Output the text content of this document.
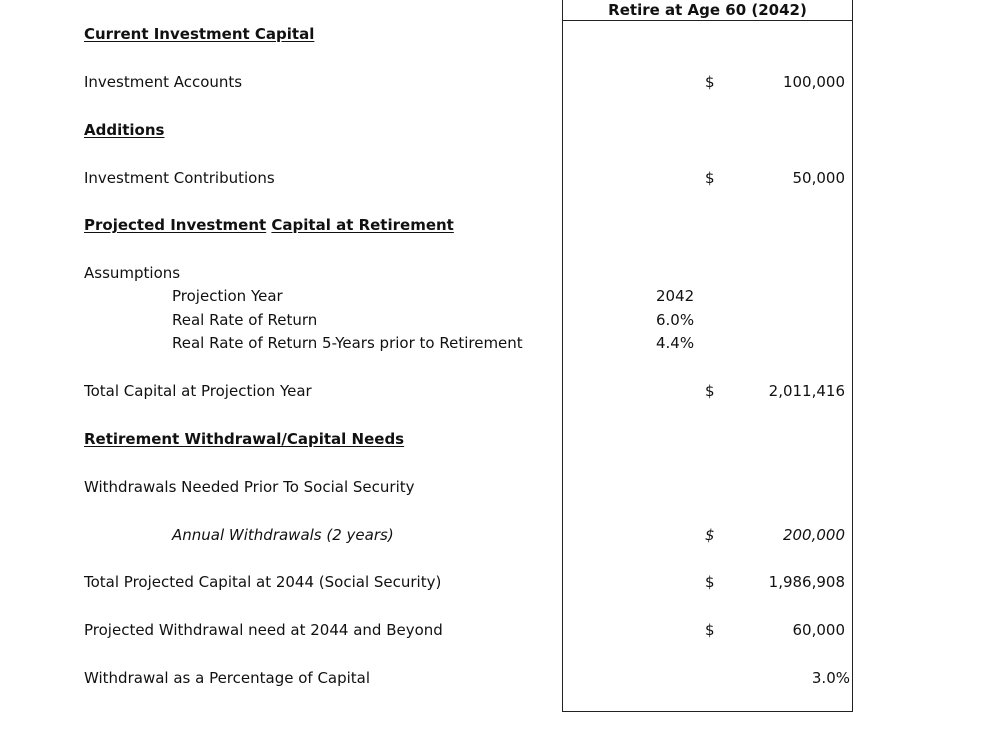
Retire at Age 60 (2042)
Current Investment Capital
Investment Accounts	$	100,000
Additions
Investment Contributions	$	50,000
Projected Investment Capital at Retirement
Assumptions
Projection Year	2042
Real Rate of Return	6.0%
Real Rate of Return 5-Years prior to Retirement	4.4%
Total Capital at Projection Year	$	2,011,416
Retirement Withdrawal/Capital Needs
Withdrawals Needed Prior To Social Security
Annual Withdrawals (2 years)	$	200,000
Total Projected Capital at 2044 (Social Security)	$	1,986,908
Projected Withdrawal need at 2044 and Beyond	$	60,000
Withdrawal as a Percentage of Capital	3.0%
